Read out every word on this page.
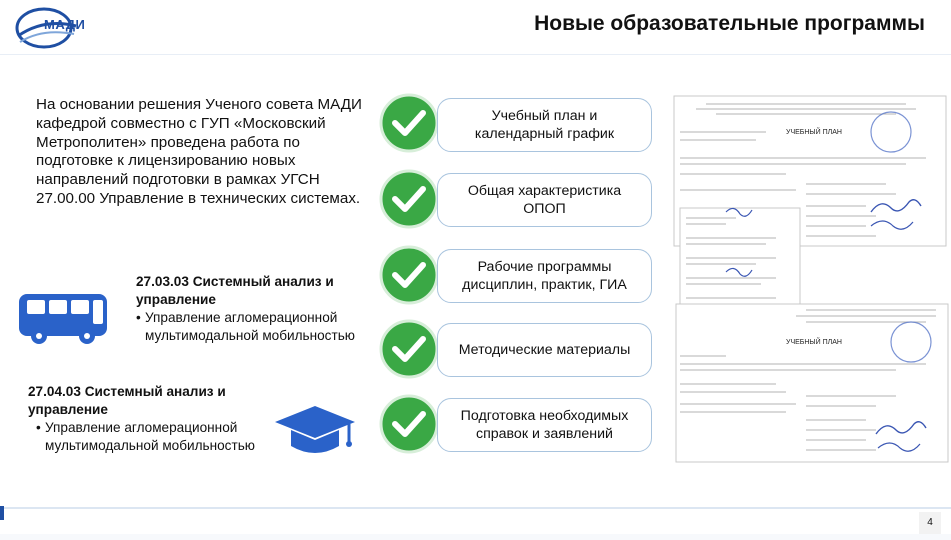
МАДИ	Новые образовательные программы
На основании решения Ученого совета МАДИ кафедрой совместно с ГУП «Московский Метрополитен» проведена работа по подготовке к лицензированию новых направлений подготовки в рамках УГСН 27.00.00 Управление в технических системах.
27.03.03 Системный анализ и управление
• Управление агломерационной мультимодальной мобильностью
27.04.03 Системный анализ и управление
• Управление агломерационной мультимодальной мобильностью
Учебный план и календарный график
Общая характеристика ОПОП
Рабочие программы дисциплин, практик, ГИА
Методические материалы
Подготовка необходимых справок и заявлений
УЧЕБНЫЙ ПЛАН
УЧЕБНЫЙ ПЛАН
4
